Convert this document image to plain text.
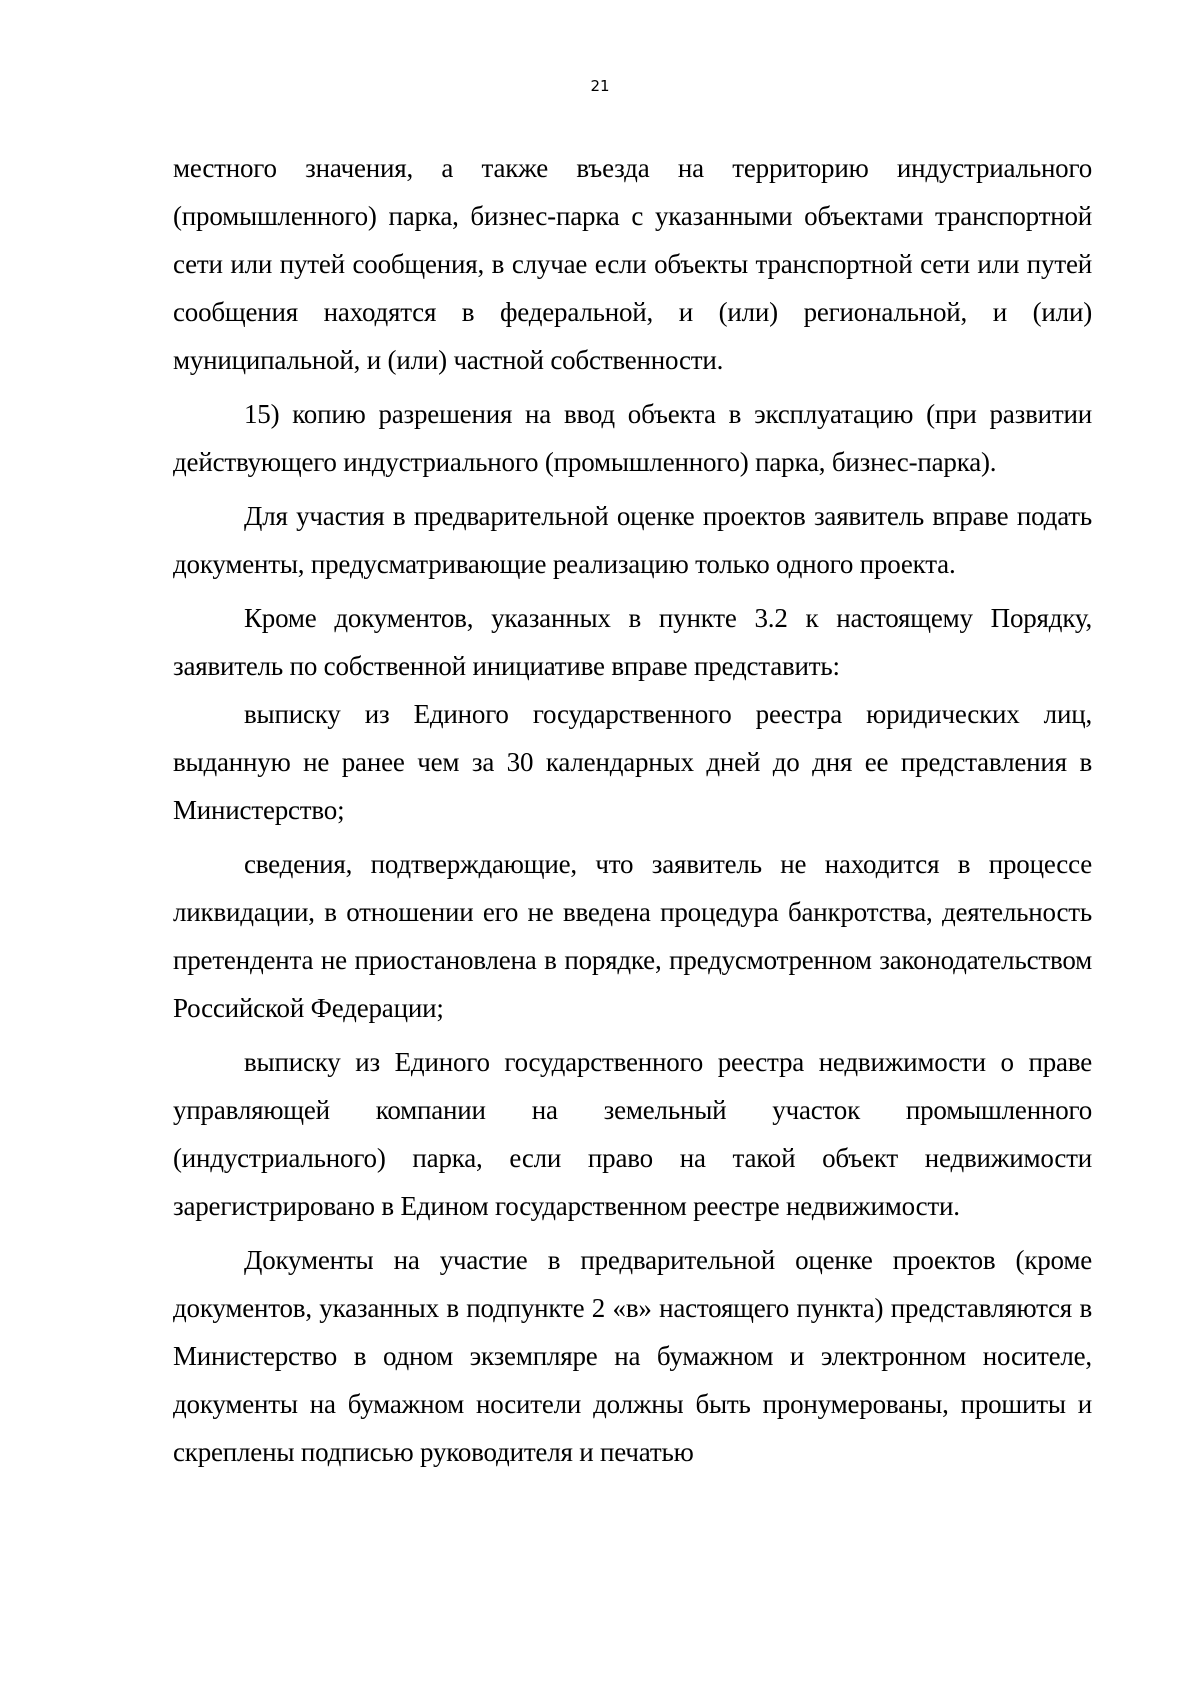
21

местного значения, а также въезда на территорию индустриального (промышленного) парка, бизнес-парка с указанными объектами транспортной сети или путей сообщения, в случае если объекты транспортной сети или путей сообщения находятся в федеральной, и (или) региональной, и (или) муниципальной, и (или) частной собственности.

15) копию разрешения на ввод объекта в эксплуатацию (при развитии действующего индустриального (промышленного) парка, бизнес-парка).

Для участия в предварительной оценке проектов заявитель вправе подать документы, предусматривающие реализацию только одного проекта.

Кроме документов, указанных в пункте 3.2 к настоящему Порядку, заявитель по собственной инициативе вправе представить:

выписку из Единого государственного реестра юридических лиц, выданную не ранее чем за 30 календарных дней до дня ее представления в Министерство;

сведения, подтверждающие, что заявитель не находится в процессе ликвидации, в отношении его не введена процедура банкротства, деятельность претендента не приостановлена в порядке, предусмотренном законодательством Российской Федерации;

выписку из Единого государственного реестра недвижимости о праве управляющей компании на земельный участок промышленного (индустриального) парка, если право на такой объект недвижимости зарегистрировано в Едином государственном реестре недвижимости.

Документы на участие в предварительной оценке проектов (кроме документов, указанных в подпункте 2 «в» настоящего пункта) представляются в Министерство в одном экземпляре на бумажном и электронном носителе, документы на бумажном носители должны быть пронумерованы, прошиты и скреплены подписью руководителя и печатью
